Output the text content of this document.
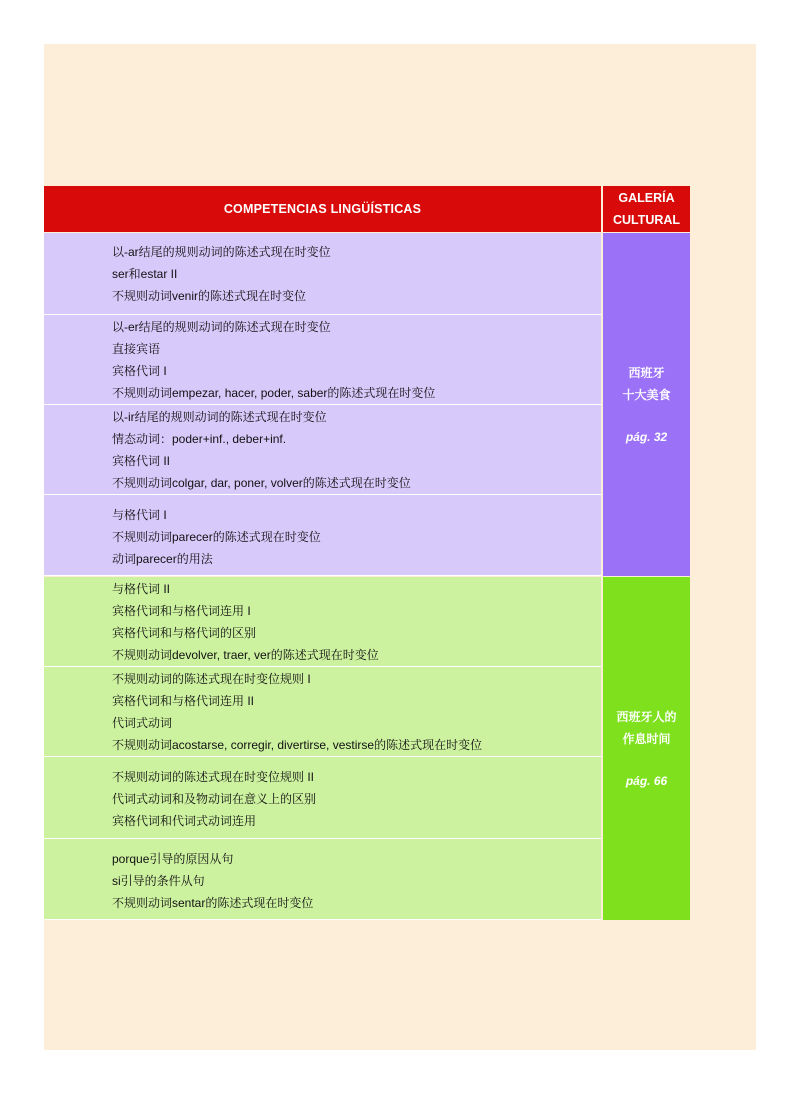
COMPETENCIAS LINGÜÍSTICAS
GALERÍA
CULTURAL
以-ar结尾的规则动词的陈述式现在时变位
ser和estar II
不规则动词venir的陈述式现在时变位
以-er结尾的规则动词的陈述式现在时变位
直接宾语
宾格代词 I
不规则动词empezar, hacer, poder, saber的陈述式现在时变位
以-ir结尾的规则动词的陈述式现在时变位
情态动词：poder+inf., deber+inf.
宾格代词 II
不规则动词colgar, dar, poner, volver的陈述式现在时变位
与格代词 I
不规则动词parecer的陈述式现在时变位
动词parecer的用法
西班牙
十大美食
pág. 32
与格代词 II
宾格代词和与格代词连用 I
宾格代词和与格代词的区别
不规则动词devolver, traer, ver的陈述式现在时变位
不规则动词的陈述式现在时变位规则 I
宾格代词和与格代词连用 II
代词式动词
不规则动词acostarse, corregir, divertirse, vestirse的陈述式现在时变位
不规则动词的陈述式现在时变位规则 II
代词式动词和及物动词在意义上的区别
宾格代词和代词式动词连用
porque引导的原因从句
si引导的条件从句
不规则动词sentar的陈述式现在时变位
西班牙人的
作息时间
pág. 66
